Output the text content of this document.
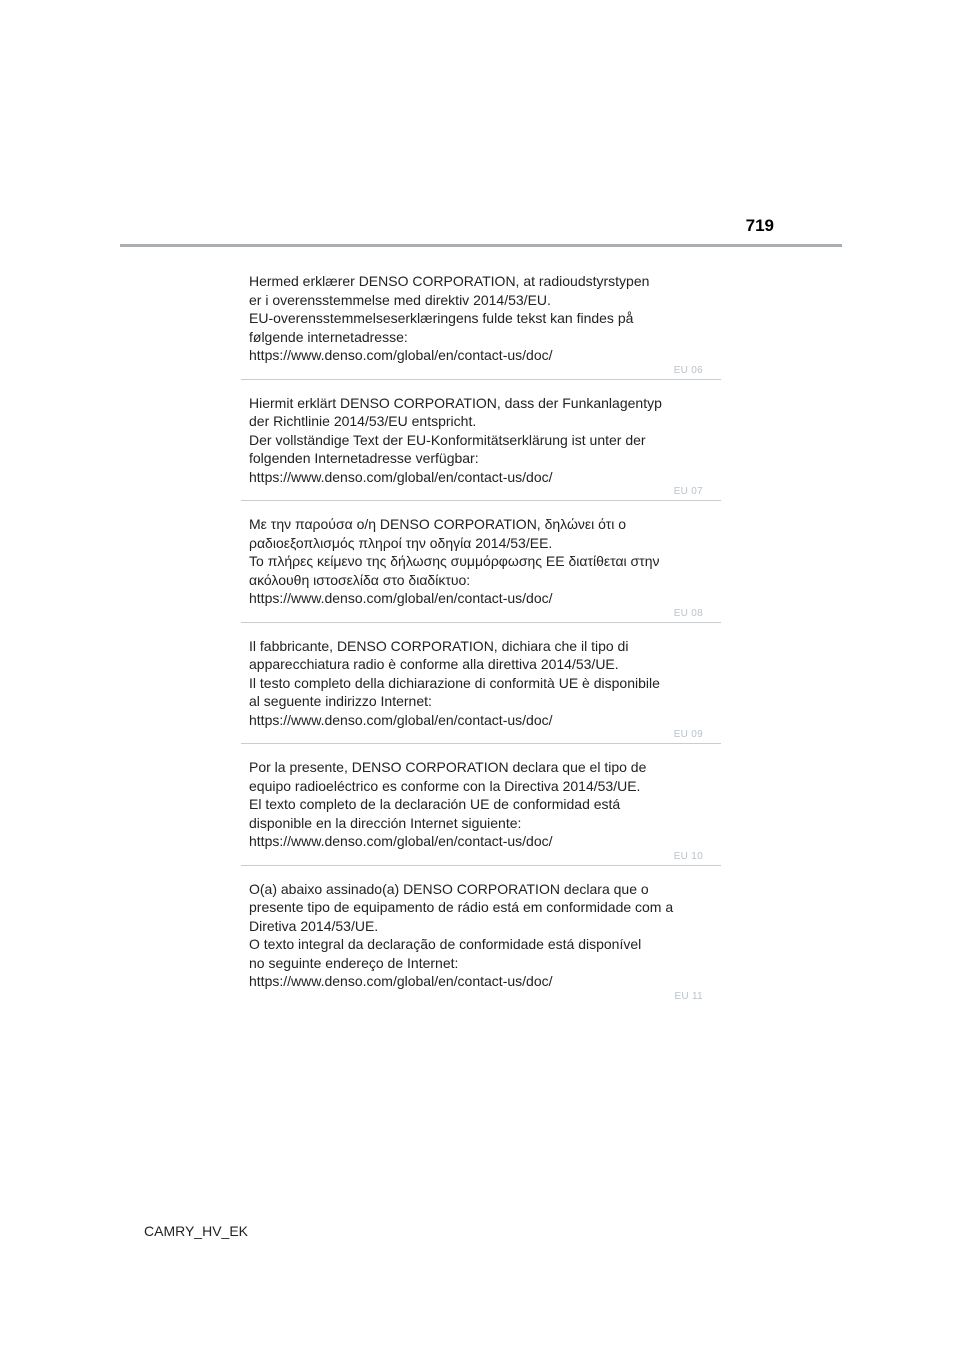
719

Hermed erklærer DENSO CORPORATION, at radioudstyrstypen
er i overensstemmelse med direktiv 2014/53/EU.
EU-overensstemmelseserklæringens fulde tekst kan findes på
følgende internetadresse:
https://www.denso.com/global/en/contact-us/doc/

EU 06

Hiermit erklärt DENSO CORPORATION, dass der Funkanlagentyp
der Richtlinie 2014/53/EU entspricht.
Der vollständige Text der EU-Konformitätserklärung ist unter der
folgenden Internetadresse verfügbar:
https://www.denso.com/global/en/contact-us/doc/

EU 07

Με την παρούσα ο/η DENSO CORPORATION, δηλώνει ότι ο
ραδιοεξοπλισμός πληροί την οδηγία 2014/53/ΕΕ.
Το πλήρες κείμενο της δήλωσης συμμόρφωσης ΕΕ διατίθεται στην
ακόλουθη ιστοσελίδα στο διαδίκτυο:
https://www.denso.com/global/en/contact-us/doc/

EU 08

Il fabbricante, DENSO CORPORATION, dichiara che il tipo di
apparecchiatura radio è conforme alla direttiva 2014/53/UE.
Il testo completo della dichiarazione di conformità UE è disponibile
al seguente indirizzo Internet:
https://www.denso.com/global/en/contact-us/doc/

EU 09

Por la presente, DENSO CORPORATION declara que el tipo de
equipo radioeléctrico es conforme con la Directiva 2014/53/UE.
El texto completo de la declaración UE de conformidad está
disponible en la dirección Internet siguiente:
https://www.denso.com/global/en/contact-us/doc/

EU 10

O(a) abaixo assinado(a) DENSO CORPORATION declara que o
presente tipo de equipamento de rádio está em conformidade com a
Diretiva 2014/53/UE.
O texto integral da declaração de conformidade está disponível
no seguinte endereço de Internet:
https://www.denso.com/global/en/contact-us/doc/

EU 11
CAMRY_HV_EK
